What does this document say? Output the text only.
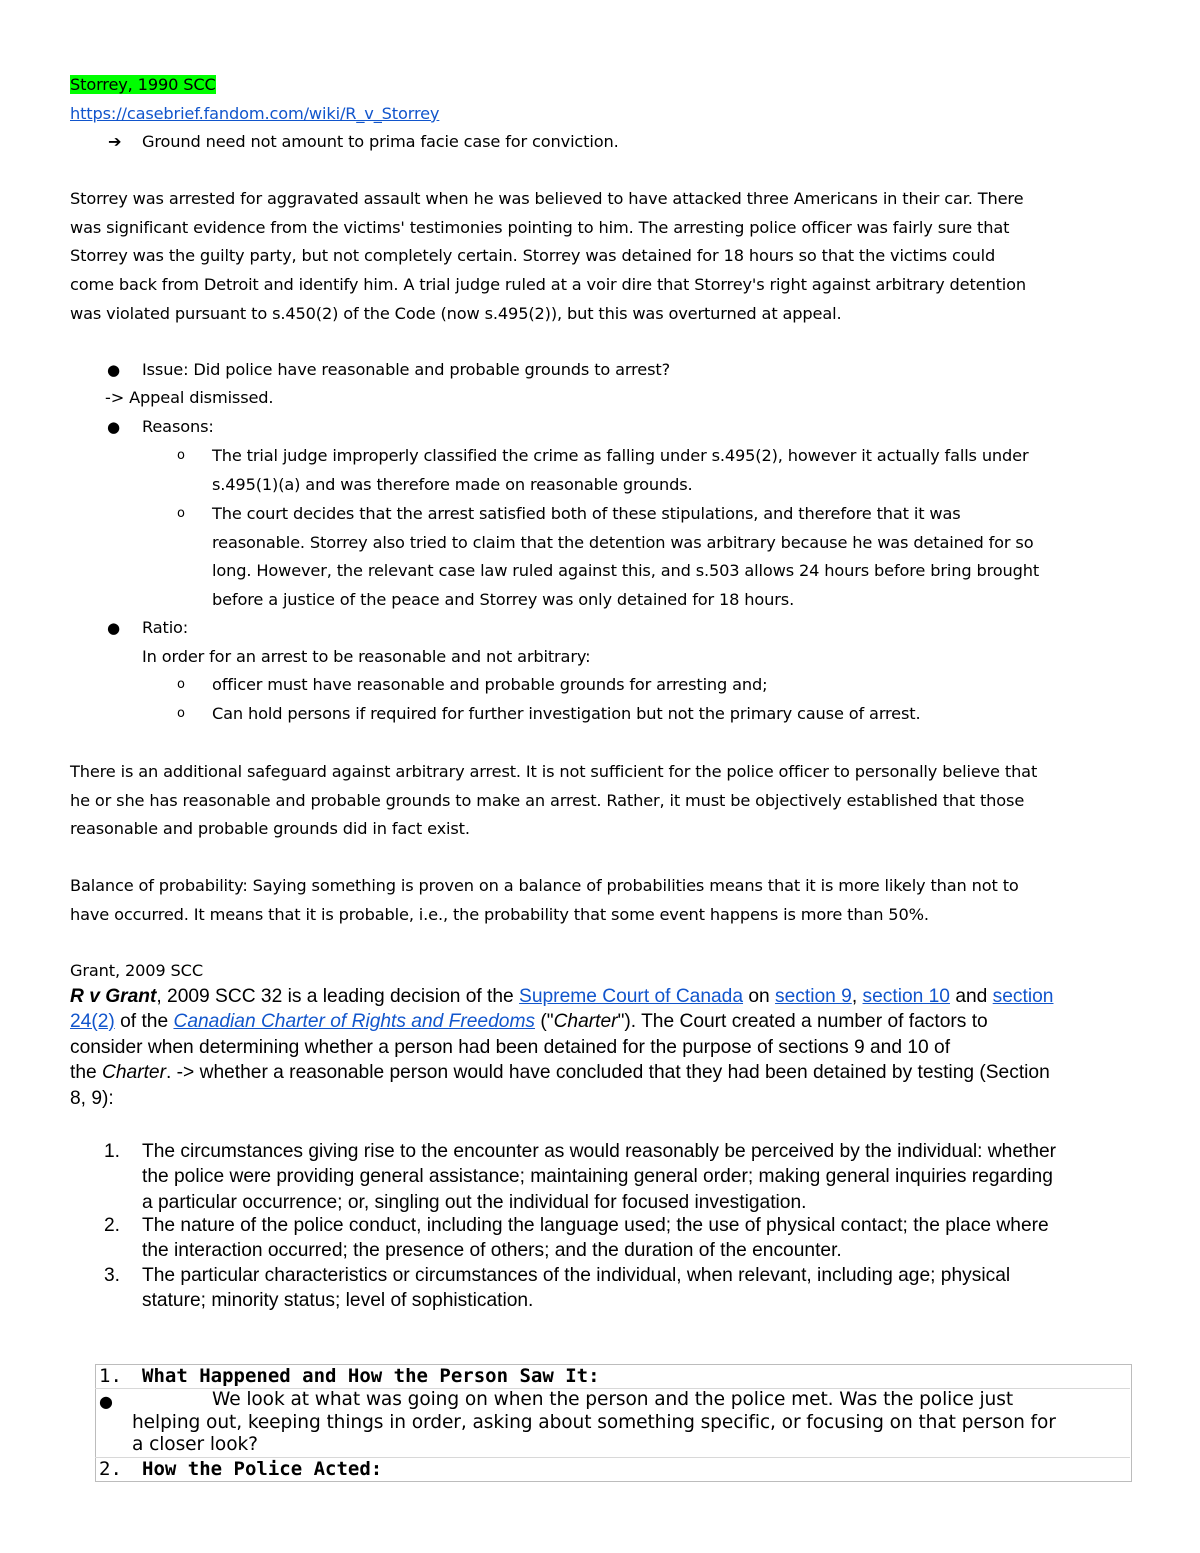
Storrey, 1990 SCC
https://casebrief.fandom.com/wiki/R_v_Storrey
➔ Ground need not amount to prima facie case for conviction.
Storrey was arrested for aggravated assault when he was believed to have attacked three Americans in their car. There
was significant evidence from the victims' testimonies pointing to him. The arresting police officer was fairly sure that
Storrey was the guilty party, but not completely certain. Storrey was detained for 18 hours so that the victims could
come back from Detroit and identify him. A trial judge ruled at a voir dire that Storrey's right against arbitrary detention
was violated pursuant to s.450(2) of the Code (now s.495(2)), but this was overturned at appeal.
● Issue: Did police have reasonable and probable grounds to arrest?
-> Appeal dismissed.
● Reasons:
o The trial judge improperly classified the crime as falling under s.495(2), however it actually falls under
s.495(1)(a) and was therefore made on reasonable grounds.
o The court decides that the arrest satisfied both of these stipulations, and therefore that it was
reasonable. Storrey also tried to claim that the detention was arbitrary because he was detained for so
long. However, the relevant case law ruled against this, and s.503 allows 24 hours before bring brought
before a justice of the peace and Storrey was only detained for 18 hours.
● Ratio:
In order for an arrest to be reasonable and not arbitrary:
o officer must have reasonable and probable grounds for arresting and;
o Can hold persons if required for further investigation but not the primary cause of arrest.
There is an additional safeguard against arbitrary arrest. It is not sufficient for the police officer to personally believe that
he or she has reasonable and probable grounds to make an arrest. Rather, it must be objectively established that those
reasonable and probable grounds did in fact exist.
Balance of probability: Saying something is proven on a balance of probabilities means that it is more likely than not to
have occurred. It means that it is probable, i.e., the probability that some event happens is more than 50%.
Grant, 2009 SCC
R v Grant, 2009 SCC 32 is a leading decision of the Supreme Court of Canada on section 9, section 10 and section
24(2) of the Canadian Charter of Rights and Freedoms ("Charter"). The Court created a number of factors to
consider when determining whether a person had been detained for the purpose of sections 9 and 10 of
the Charter. -> whether a reasonable person would have concluded that they had been detained by testing (Section
8, 9):
1.	The circumstances giving rise to the encounter as would reasonably be perceived by the individual: whether
the police were providing general assistance; maintaining general order; making general inquiries regarding
a particular occurrence; or, singling out the individual for focused investigation.
2.	The nature of the police conduct, including the language used; the use of physical contact; the place where
the interaction occurred; the presence of others; and the duration of the encounter.
3.	The particular characteristics or circumstances of the individual, when relevant, including age; physical
stature; minority status; level of sophistication.
1. What Happened and How the Person Saw It:
●	We look at what was going on when the person and the police met. Was the police just
helping out, keeping things in order, asking about something specific, or focusing on that person for
a closer look?
2. How the Police Acted:
